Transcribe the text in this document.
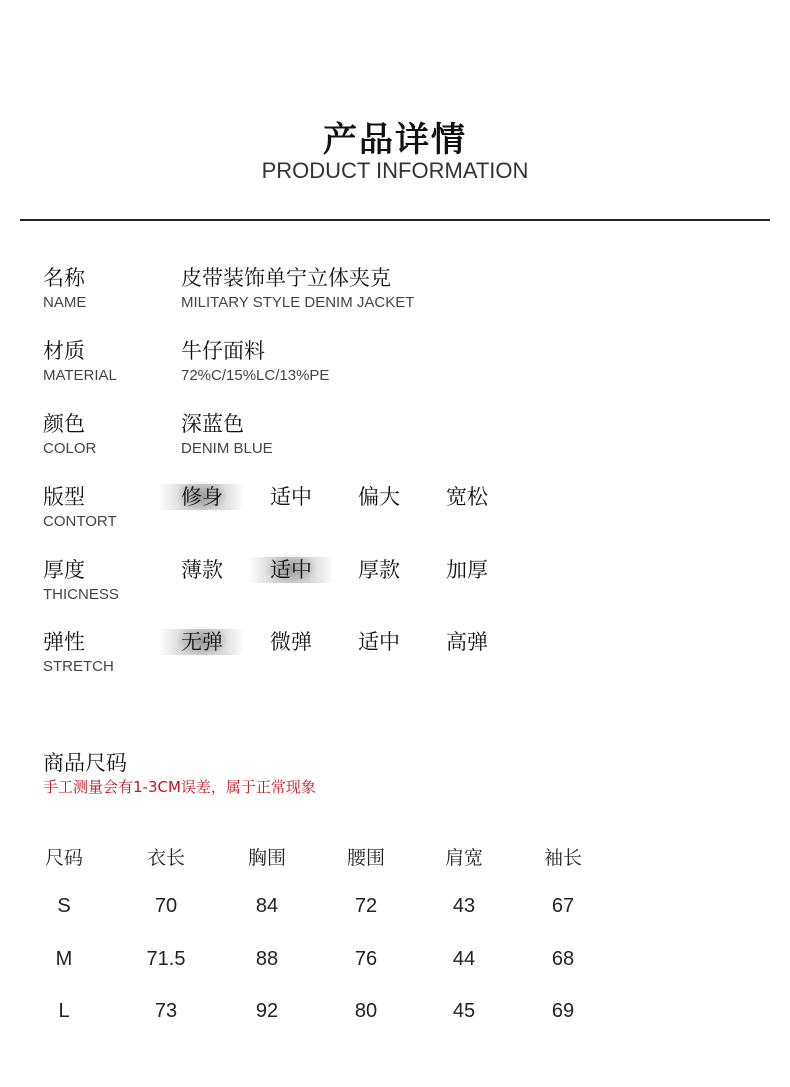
产品详情
PRODUCT INFORMATION
名称
NAME
皮带装饰单宁立体夹克
MILITARY STYLE DENIM JACKET
材质
MATERIAL
牛仔面料
72%C/15%LC/13%PE
颜色
COLOR
深蓝色
DENIM BLUE
版型
CONTORT
修身 适中 偏大 宽松
厚度
THICNESS
薄款 适中 厚款 加厚
弹性
STRETCH
无弹 微弹 适中 高弹
商品尺码
手工测量会有1-3CM误差，属于正常现象
尺码	衣长	胸围	腰围	肩宽	袖长
S	70	84	72	43	67
M	71.5	88	76	44	68
L	73	92	80	45	69
